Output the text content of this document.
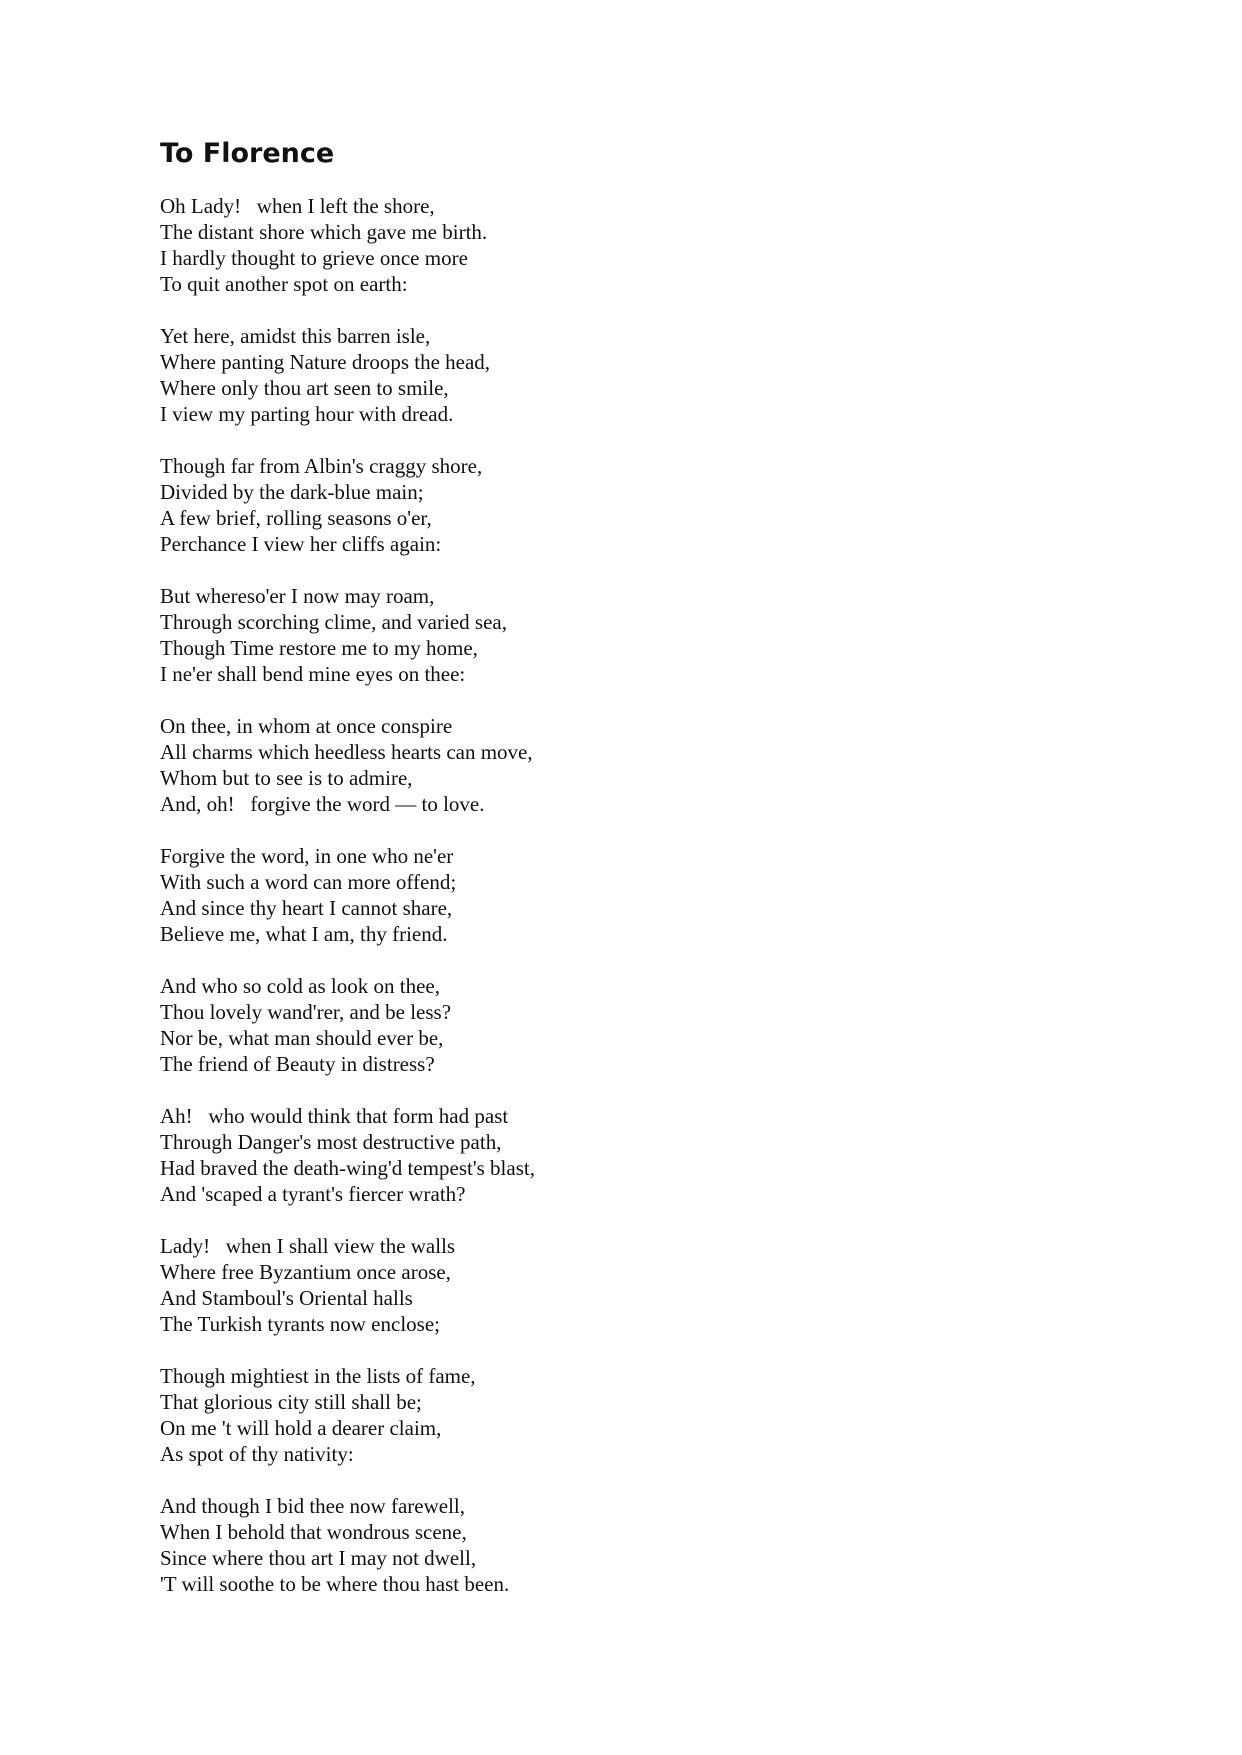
To Florence
Oh Lady!   when I left the shore,
The distant shore which gave me birth.
I hardly thought to grieve once more
To quit another spot on earth:
Yet here, amidst this barren isle,
Where panting Nature droops the head,
Where only thou art seen to smile,
I view my parting hour with dread.
Though far from Albin's craggy shore,
Divided by the dark-blue main;
A few brief, rolling seasons o'er,
Perchance I view her cliffs again:
But whereso'er I now may roam,
Through scorching clime, and varied sea,
Though Time restore me to my home,
I ne'er shall bend mine eyes on thee:
On thee, in whom at once conspire
All charms which heedless hearts can move,
Whom but to see is to admire,
And, oh!   forgive the word — to love.
Forgive the word, in one who ne'er
With such a word can more offend;
And since thy heart I cannot share,
Believe me, what I am, thy friend.
And who so cold as look on thee,
Thou lovely wand'rer, and be less?
Nor be, what man should ever be,
The friend of Beauty in distress?
Ah!   who would think that form had past
Through Danger's most destructive path,
Had braved the death-wing'd tempest's blast,
And 'scaped a tyrant's fiercer wrath?
Lady!   when I shall view the walls
Where free Byzantium once arose,
And Stamboul's Oriental halls
The Turkish tyrants now enclose;
Though mightiest in the lists of fame,
That glorious city still shall be;
On me 't will hold a dearer claim,
As spot of thy nativity:
And though I bid thee now farewell,
When I behold that wondrous scene,
Since where thou art I may not dwell,
'T will soothe to be where thou hast been.
